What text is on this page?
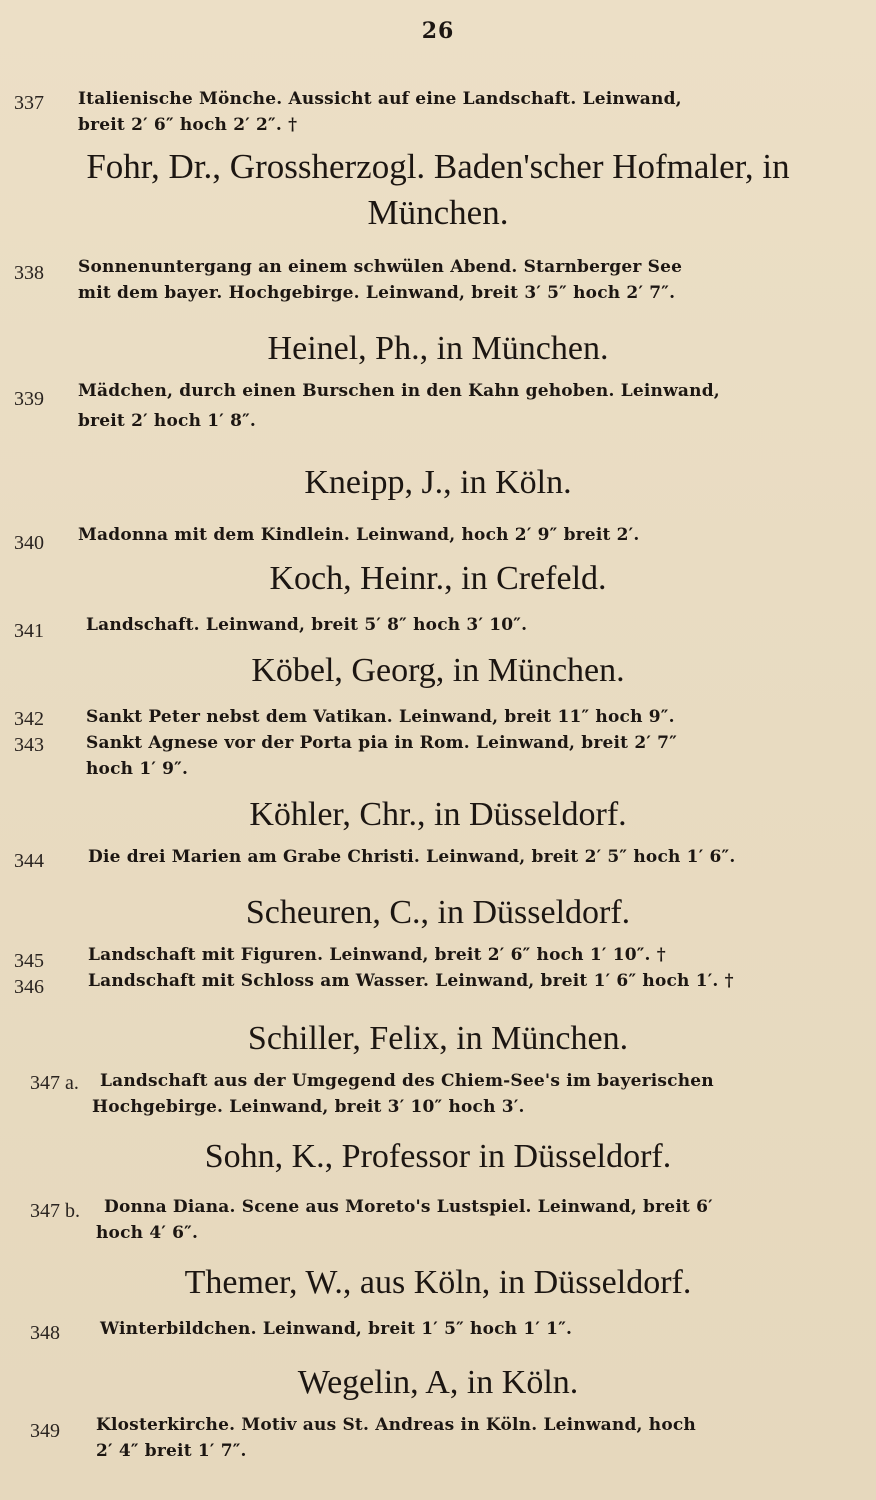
26
337	Italienische Mönche. Aussicht auf eine Landschaft. Leinwand,
breit 2′ 6″ hoch 2′ 2″. †
Fohr, Dr., Grossherzogl. Baden'scher Hofmaler, in
München.
338	Sonnenuntergang an einem schwülen Abend. Starnberger See
mit dem bayer. Hochgebirge. Leinwand, breit 3′ 5″ hoch 2′ 7″.
Heinel, Ph., in München.
339	Mädchen, durch einen Burschen in den Kahn gehoben. Leinwand,
breit 2′ hoch 1′ 8″.
Kneipp, J., in Köln.
340	Madonna mit dem Kindlein. Leinwand, hoch 2′ 9″ breit 2′.
Koch, Heinr., in Crefeld.
341	Landschaft. Leinwand, breit 5′ 8″ hoch 3′ 10″.
Köbel, Georg, in München.
342	Sankt Peter nebst dem Vatikan. Leinwand, breit 11″ hoch 9″.
343	Sankt Agnese vor der Porta pia in Rom. Leinwand, breit 2′ 7″
hoch 1′ 9″.
Köhler, Chr., in Düsseldorf.
344	Die drei Marien am Grabe Christi. Leinwand, breit 2′ 5″ hoch 1′ 6″.
Scheuren, C., in Düsseldorf.
345	Landschaft mit Figuren. Leinwand, breit 2′ 6″ hoch 1′ 10″. †
346	Landschaft mit Schloss am Wasser. Leinwand, breit 1′ 6″ hoch 1′. †
Schiller, Felix, in München.
347 a.	Landschaft aus der Umgegend des Chiem-See's im bayerischen
Hochgebirge. Leinwand, breit 3′ 10″ hoch 3′.
Sohn, K., Professor in Düsseldorf.
347 b.	Donna Diana. Scene aus Moreto's Lustspiel. Leinwand, breit 6′
hoch 4′ 6″.
Themer, W., aus Köln, in Düsseldorf.
348	Winterbildchen. Leinwand, breit 1′ 5″ hoch 1′ 1″.
Wegelin, A, in Köln.
349	Klosterkirche. Motiv aus St. Andreas in Köln. Leinwand, hoch
2′ 4″ breit 1′ 7″.
